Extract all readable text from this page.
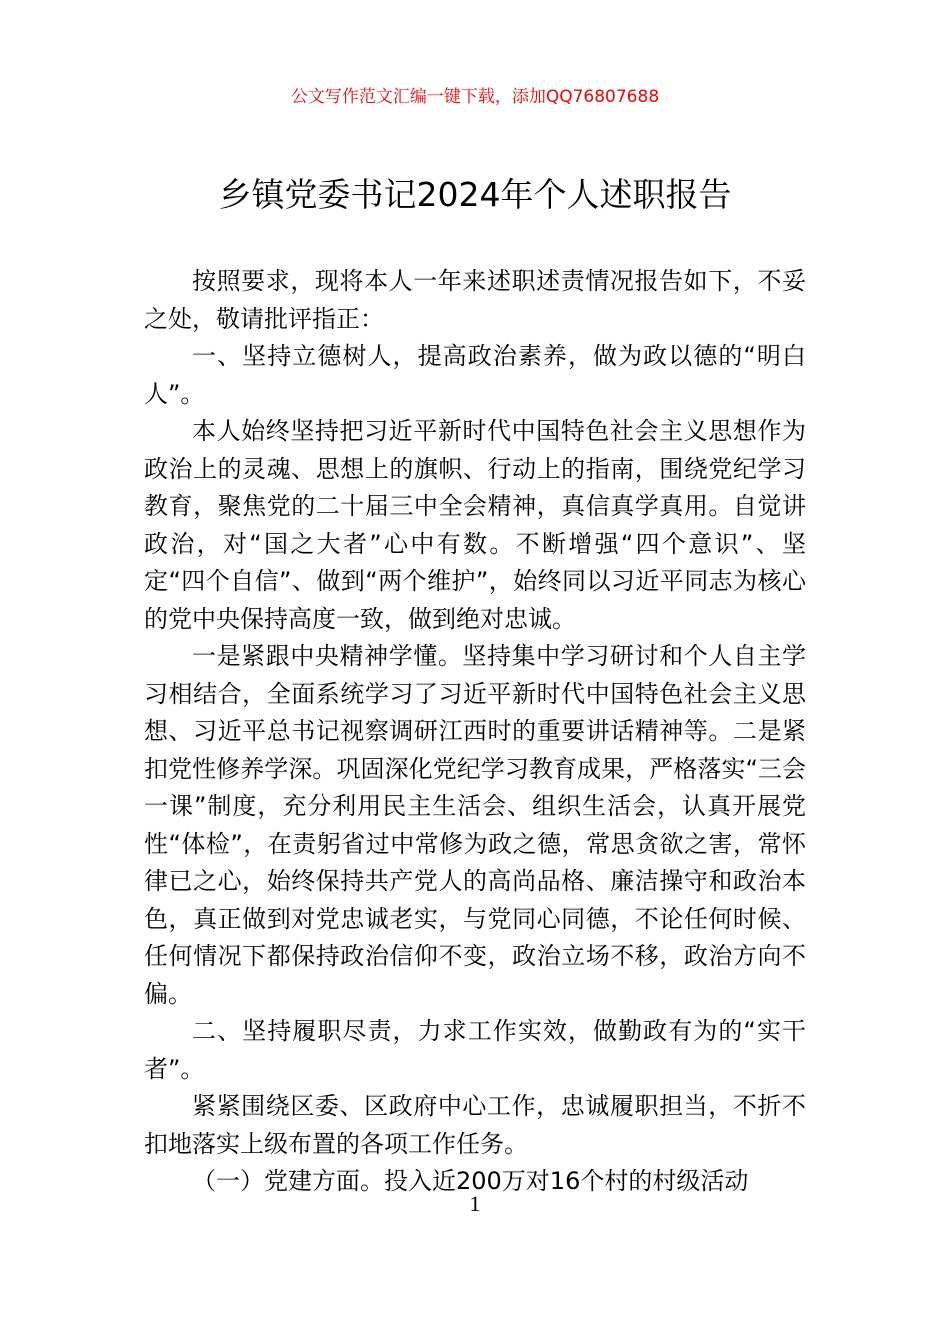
公文写作范文汇编一键下载，添加QQ76807688
乡镇党委书记2024年个人述职报告

按照要求，现将本人一年来述职述责情况报告如下，不妥之处，敬请批评指正：

一、坚持立德树人，提高政治素养，做为政以德的“明白人”。

本人始终坚持把习近平新时代中国特色社会主义思想作为政治上的灵魂、思想上的旗帜、行动上的指南，围绕党纪学习教育，聚焦党的二十届三中全会精神，真信真学真用。自觉讲政治，对“国之大者”心中有数。不断增强“四个意识”、坚定“四个自信”、做到“两个维护”，始终同以习近平同志为核心的党中央保持高度一致，做到绝对忠诚。

一是紧跟中央精神学懂。坚持集中学习研讨和个人自主学习相结合，全面系统学习了习近平新时代中国特色社会主义思想、习近平总书记视察调研江西时的重要讲话精神等。二是紧扣党性修养学深。巩固深化党纪学习教育成果，严格落实“三会一课”制度，充分利用民主生活会、组织生活会，认真开展党性“体检”，在责躬省过中常修为政之德，常思贪欲之害，常怀律已之心，始终保持共产党人的高尚品格、廉洁操守和政治本色，真正做到对党忠诚老实，与党同心同德，不论任何时候、任何情况下都保持政治信仰不变，政治立场不移，政治方向不偏。

二、坚持履职尽责，力求工作实效，做勤政有为的“实干者”。

紧紧围绕区委、区政府中心工作，忠诚履职担当，不折不扣地落实上级布置的各项工作任务。

（一）党建方面。投入近200万对16个村的村级活动

1
